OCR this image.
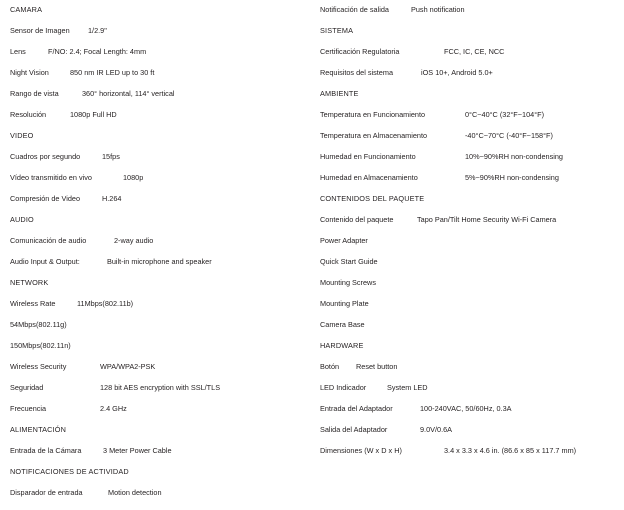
CAMARA
Sensor de Imagen	1/2.9"
Lens	F/NO: 2.4; Focal Length: 4mm
Night Vision	850 nm IR LED up to 30 ft
Rango de vista	360° horizontal, 114° vertical
Resolución	1080p Full HD
VIDEO
Cuadros por segundo	15fps
Vídeo transmitido en vivo	1080p
Compresión de Video	H.264
AUDIO
Comunicación de audio	2-way audio
Audio Input & Output:	Built-in microphone and speaker
NETWORK
Wireless Rate	11Mbps(802.11b)
54Mbps(802.11g)
150Mbps(802.11n)
Wireless Security	WPA/WPA2-PSK
Seguridad	128 bit AES encryption with SSL/TLS
Frecuencia	2.4 GHz
ALIMENTACIÓN
Entrada de la Cámara	3 Meter Power Cable
NOTIFICACIONES DE ACTIVIDAD
Disparador de entrada	Motion detection
Notificación de salida	Push notification
SISTEMA
Certificación Regulatoria	FCC, IC, CE, NCC
Requisitos del sistema	iOS 10+, Android 5.0+
AMBIENTE
Temperatura en Funcionamiento	0°C~40°C (32°F~104°F)
Temperatura en Almacenamiento	-40°C~70°C (-40°F~158°F)
Humedad en Funcionamiento	10%~90%RH non-condensing
Humedad en Almacenamiento	5%~90%RH non-condensing
CONTENIDOS DEL PAQUETE
Contenido del paquete	Tapo Pan/Tilt Home Security Wi-Fi Camera
Power Adapter
Quick Start Guide
Mounting Screws
Mounting Plate
Camera Base
HARDWARE
Botón	Reset button
LED Indicador	System LED
Entrada del Adaptador	100-240VAC, 50/60Hz, 0.3A
Salida del Adaptador	9.0V/0.6A
Dimensiones (W x D x H)	3.4 x 3.3 x 4.6 in. (86.6 x 85 x 117.7 mm)
